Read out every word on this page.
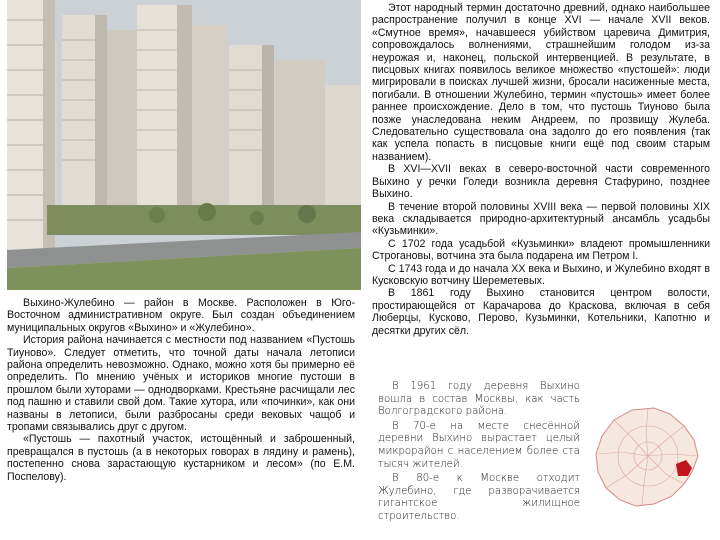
Выхино-Жулебино — район в Москве. Расположен в Юго-Восточном административном округе. Был создан объединением муниципальных округов «Выхино» и «Жулебино».

История района начинается с местности под названием «Пустошь Тиуново». Следует отметить, что точной даты начала летописи района определить невозможно. Однако, можно хотя бы примерно её определить. По мнению учёных и историков многие пустоши в прошлом были хуторами — однодворками. Крестьяне расчищали лес под пашню и ставили свой дом. Такие хутора, или «починки», как они названы в летописи, были разбросаны среди вековых чащоб и тропами связывались друг с другом.

«Пустошь — пахотный участок, истощённый и заброшенный, превращался в пустошь (а в некоторых говорах в лядину и рамень), постепенно снова зарастающую кустарником и лесом» (по Е.М. Поспелову).

Этот народный термин достаточно древний, однако наибольшее распространение получил в конце XVI — начале XVII веков. «Смутное время», начавшееся убийством царевича Димитрия, сопровождалось волнениями, страшнейшим голодом из-за неурожая и, наконец, польской интервенцией. В результате, в писцовых книгах появилось великое множество «пустошей»: люди мигрировали в поисках лучшей жизни, бросали насиженные места, погибали. В отношении Жулебино, термин «пустошь» имеет более раннее происхождение. Дело в том, что пустошь Тиуново была позже унаследована неким Андреем, по прозвищу Жулеба. Следовательно существовала она задолго до его появления (так как успела попасть в писцовые книги ещё под своим старым названием).

В XVI—XVII веках в северо-восточной части современного Выхино у речки Голеди возникла деревня Стафурино, позднее Выхино.

В течение второй половины XVIII века — первой половины XIX века складывается природно-архитектурный ансамбль усадьбы «Кузьминки».

С 1702 года усадьбой «Кузьминки» владеют промышленники Строгановы, вотчина эта была подарена им Петром I.

С 1743 года и до начала XX века и Выхино, и Жулебино входят в Кусковскую вотчину Шереметевых.

В 1861 году Выхино становится центром волости, простирающейся от Карачарова до Краскова, включая в себя Люберцы, Кусково, Перово, Кузьминки, Котельники, Капотню и десятки других сёл.

В 1961 году деревня Выхино вошла в состав Москвы, как часть Волгоградского района.

В 70-е на месте снесённой деревни Выхино вырастает целый микрорайон с населением более ста тысяч жителей.

В 80-е к Москве отходит Жулебино, где разворачивается гигантское жилищное строительство.
